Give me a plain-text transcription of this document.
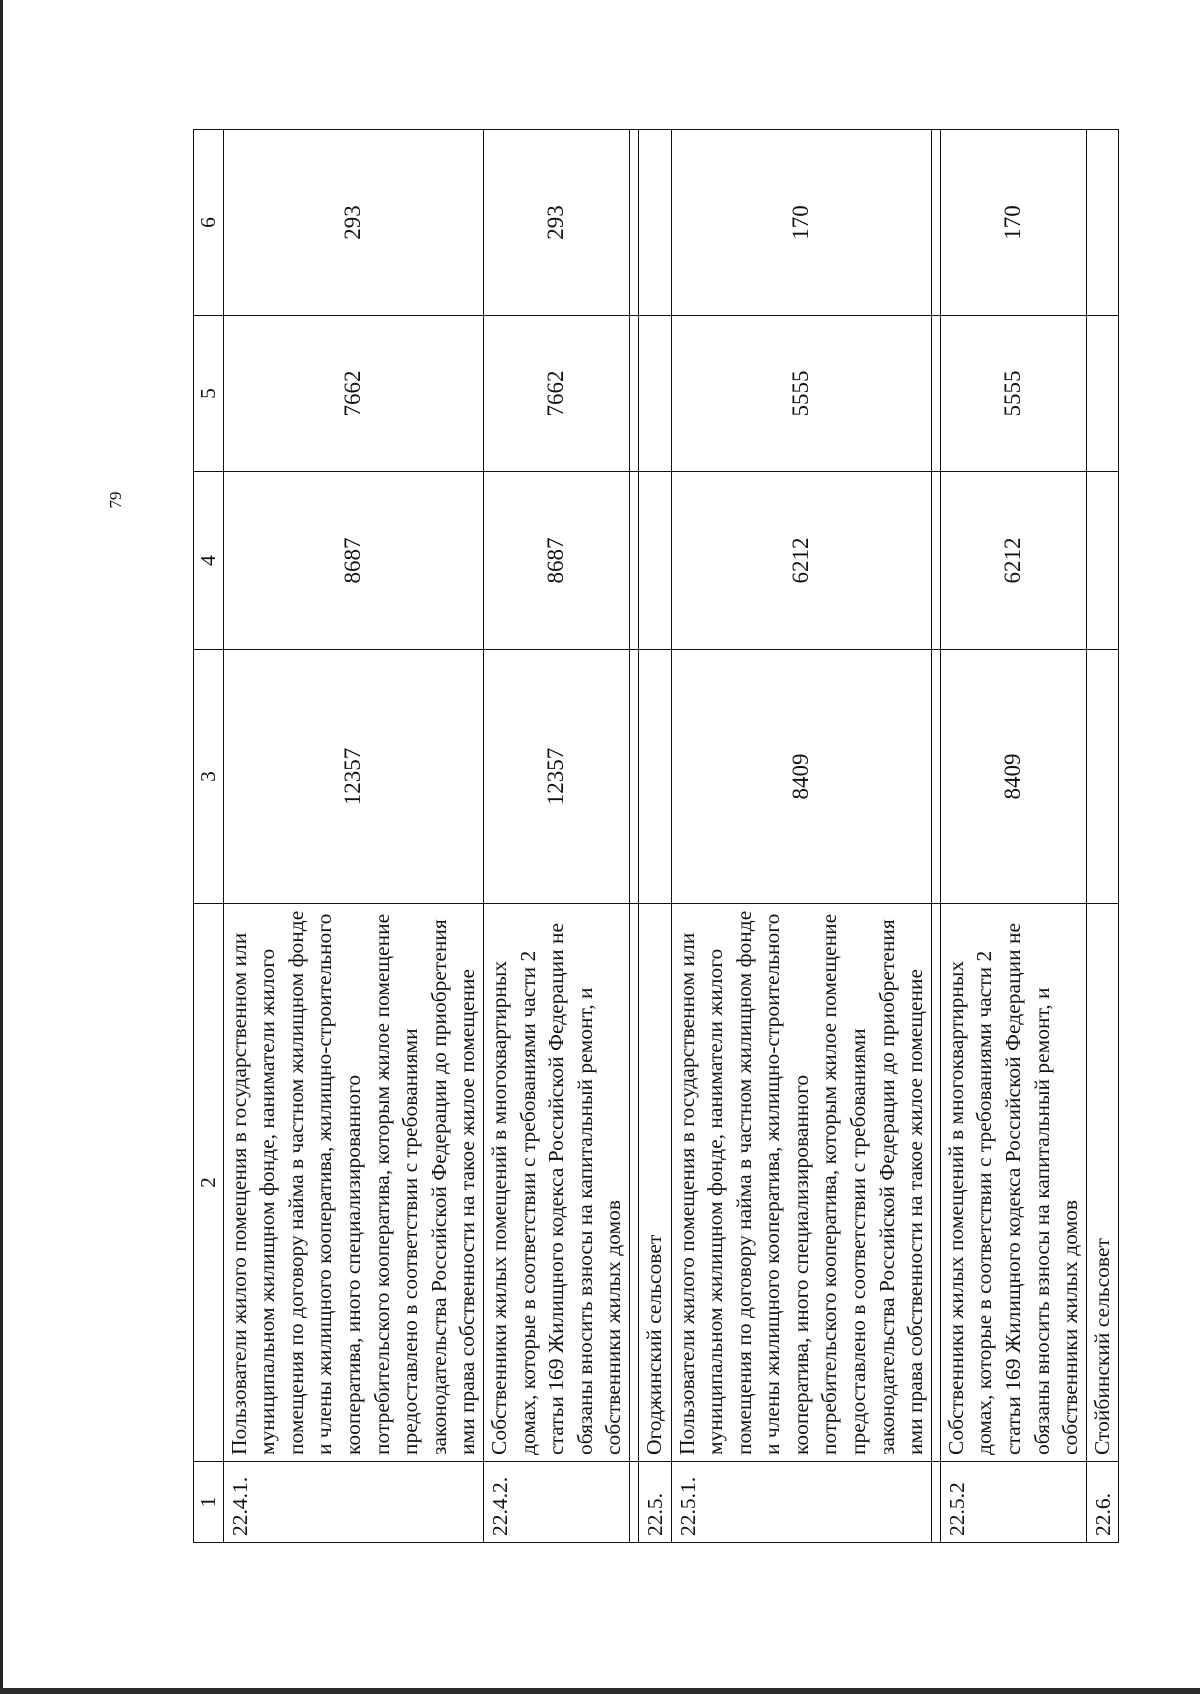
79
1	2	3	4	5	6
22.4.1.	Пользователи жилого помещения в государственном или муниципальном жилищном фонде, наниматели жилого помещения по договору найма в частном жилищном фонде и члены жилищного кооператива, жилищно-строительного кооператива, иного специализированного потребительского кооператива, которым жилое помещение предоставлено в соответствии с требованиями законодательства Российской Федерации до приобретения ими права собственности на такое жилое помещение	12357	8687	7662	293
22.4.2.	Собственники жилых помещений в многоквартирных домах, которые в соответствии с требованиями части 2 статьи 169 Жилищного кодекса Российской Федерации не обязаны вносить взносы на капитальный ремонт, и собственники жилых домов	12357	8687	7662	293

22.5.	Огоджинский сельсовет				
22.5.1.	Пользователи жилого помещения в государственном или муниципальном жилищном фонде, наниматели жилого помещения по договору найма в частном жилищном фонде и члены жилищного кооператива, жилищно-строительного кооператива, иного специализированного потребительского кооператива, которым жилое помещение предоставлено в соответствии с требованиями законодательства Российской Федерации до приобретения ими права собственности на такое жилое помещение	8409	6212	5555	170

22.5.2	Собственники жилых помещений в многоквартирных домах, которые в соответствии с требованиями части 2 статьи 169 Жилищного кодекса Российской Федерации не обязаны вносить взносы на капитальный ремонт, и собственники жилых домов	8409	6212	5555	170
22.6.	Стойбинский сельсовет				
